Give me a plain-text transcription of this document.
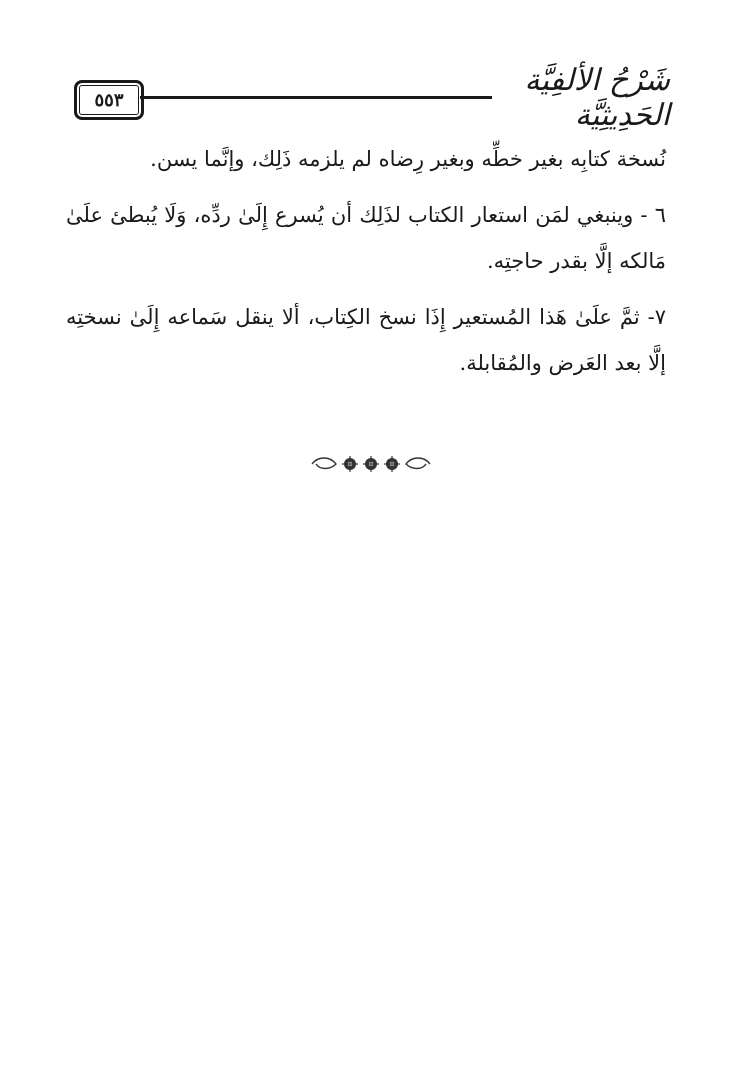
٥٥٣
شَرْحُ الألفِيَّة الحَدِيثِيَّة

نُسخة كتابِه بغير خطِّه وبغير رِضاه لم يلزمه ذَلِك، وإنَّما يسن.

٦ - وينبغي لمَن استعار الكتاب لذَلِك أن يُسرع إِلَىٰ ردِّه، وَلَا يُبطئ علَىٰ مَالكه إلَّا بقدر حاجتِه.

٧- ثمَّ علَىٰ هَذا المُستعير إِذَا نسخ الكِتاب، ألا ينقل سَماعه إِلَىٰ نسختِه إلَّا بعد العَرض والمُقابلة.
